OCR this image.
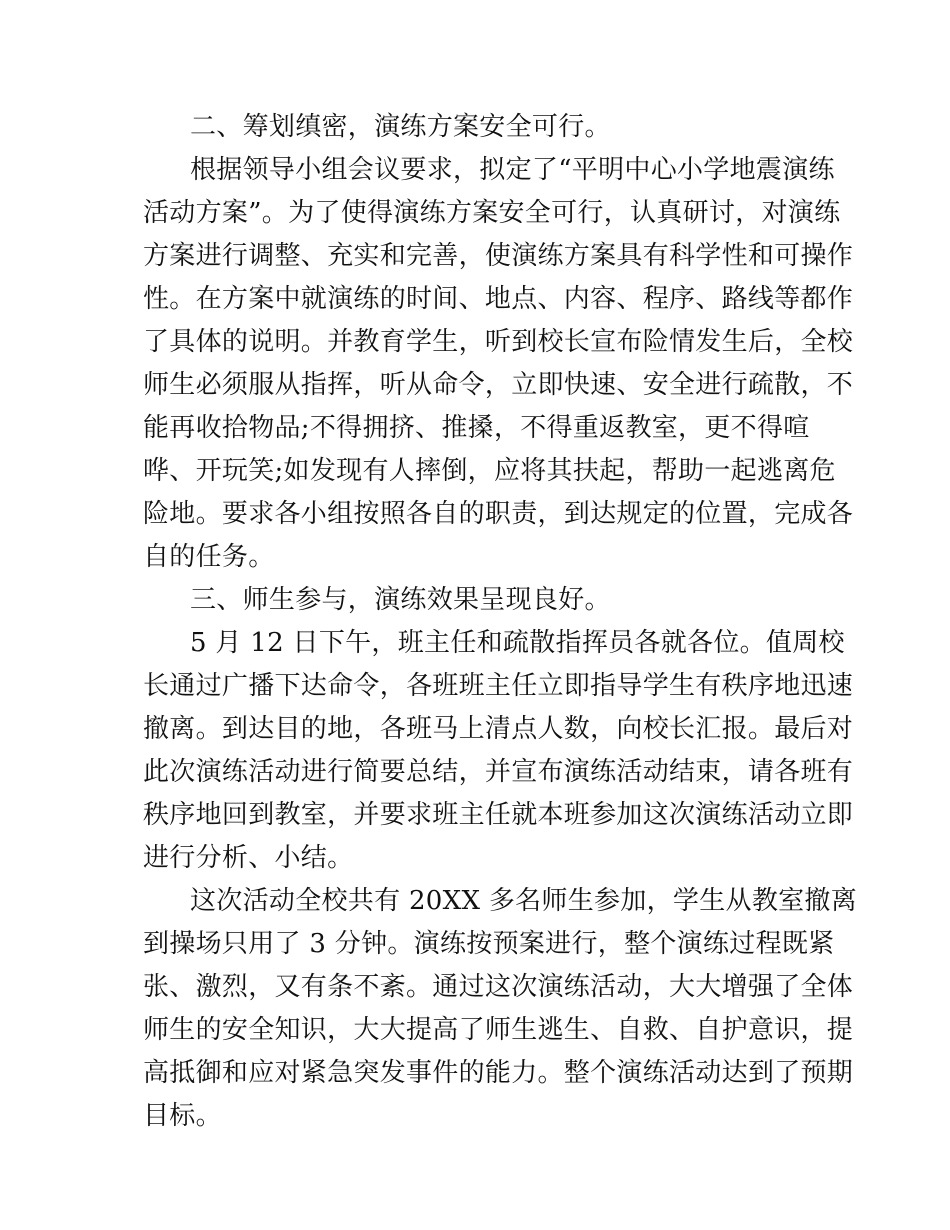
二、筹划缜密，演练方案安全可行。
根据领导小组会议要求，拟定了“平明中心小学地震演练
活动方案”。为了使得演练方案安全可行，认真研讨，对演练
方案进行调整、充实和完善，使演练方案具有科学性和可操作
性。在方案中就演练的时间、地点、内容、程序、路线等都作
了具体的说明。并教育学生，听到校长宣布险情发生后，全校
师生必须服从指挥，听从命令，立即快速、安全进行疏散，不
能再收拾物品;不得拥挤、推搡，不得重返教室，更不得喧
哗、开玩笑;如发现有人摔倒，应将其扶起，帮助一起逃离危
险地。要求各小组按照各自的职责，到达规定的位置，完成各
自的任务。
三、师生参与，演练效果呈现良好。
5 月 12 日下午，班主任和疏散指挥员各就各位。值周校
长通过广播下达命令，各班班主任立即指导学生有秩序地迅速
撤离。到达目的地，各班马上清点人数，向校长汇报。最后对
此次演练活动进行简要总结，并宣布演练活动结束，请各班有
秩序地回到教室，并要求班主任就本班参加这次演练活动立即
进行分析、小结。
这次活动全校共有 20XX 多名师生参加，学生从教室撤离
到操场只用了 3 分钟。演练按预案进行，整个演练过程既紧
张、激烈，又有条不紊。通过这次演练活动，大大增强了全体
师生的安全知识，大大提高了师生逃生、自救、自护意识，提
高抵御和应对紧急突发事件的能力。整个演练活动达到了预期
目标。
